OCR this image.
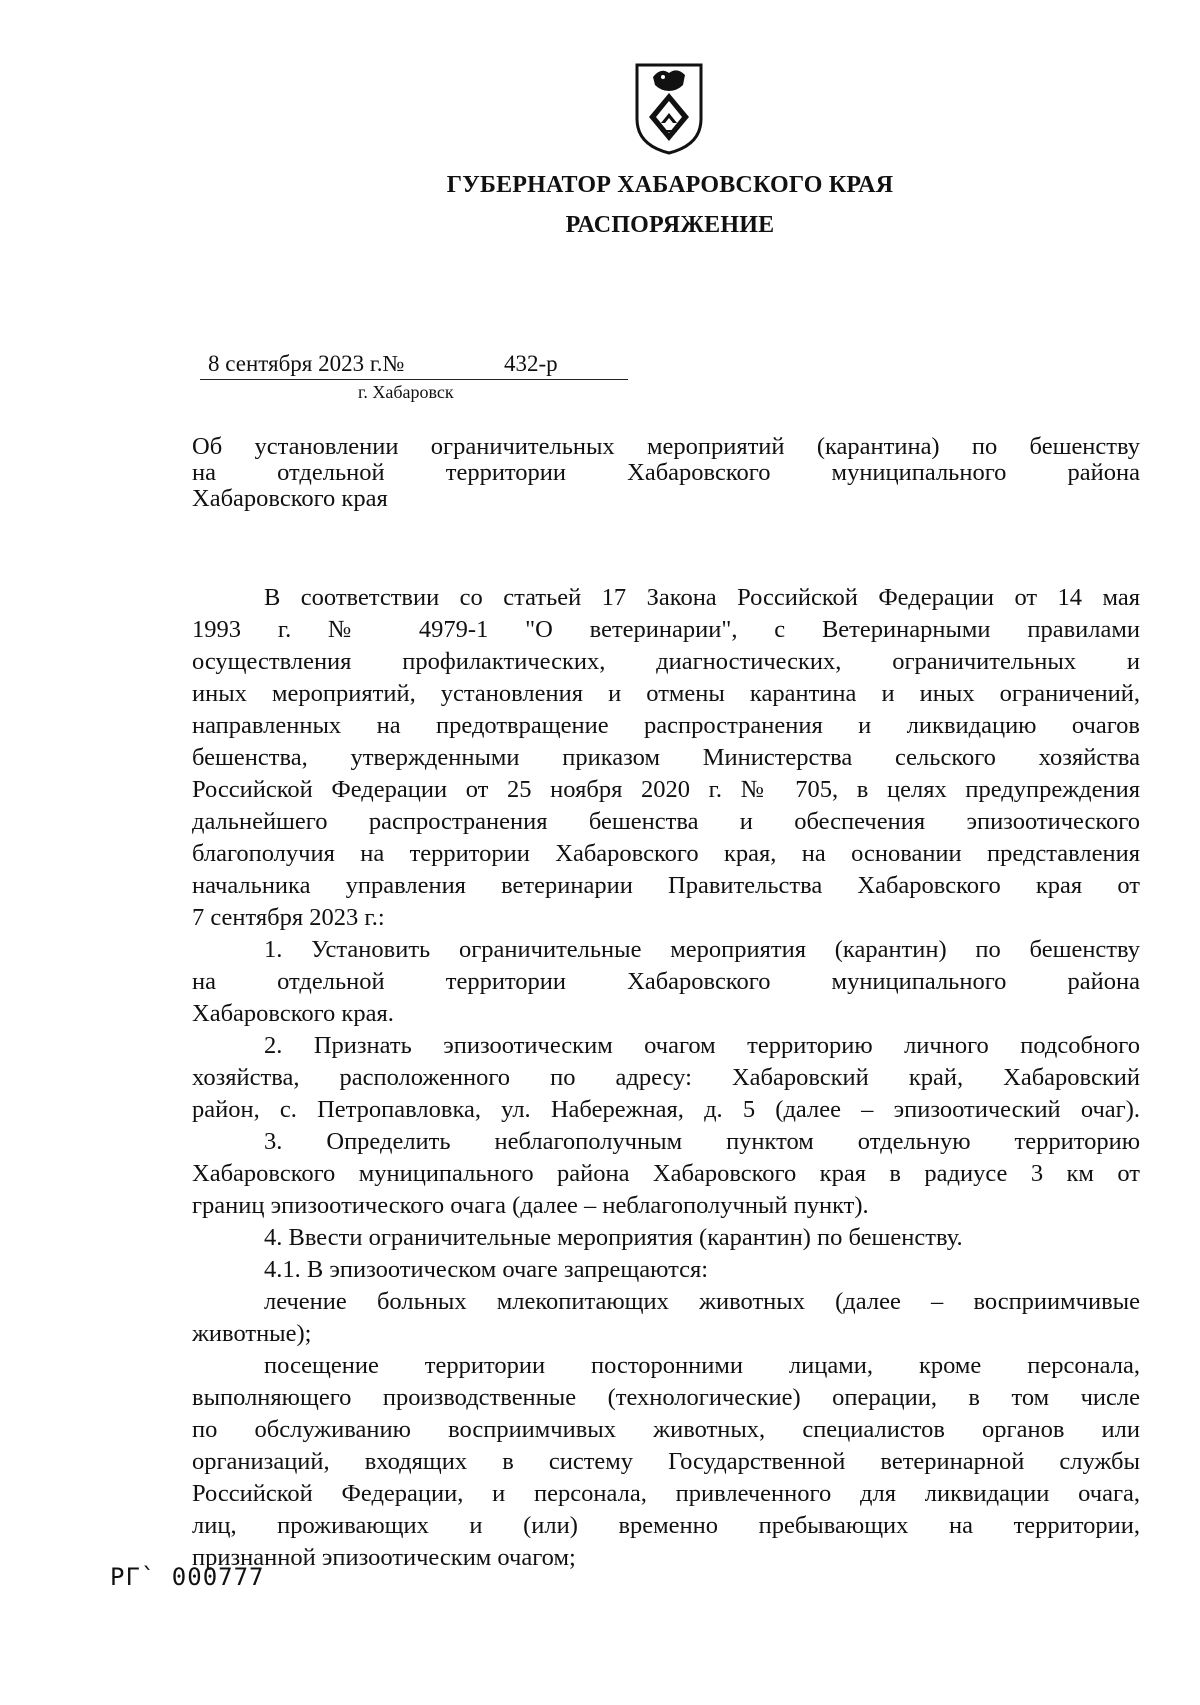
ГУБЕРНАТОР ХАБАРОВСКОГО КРАЯ
РАСПОРЯЖЕНИЕ
8 сентября 2023 г.№	432-р
г. Хабаровск
Об установлении ограничительных мероприятий (карантина) по бешенству
на отдельной территории Хабаровского муниципального района
Хабаровского края
В соответствии со статьей 17 Закона Российской Федерации от 14 мая
1993 г. № 4979-1 "О ветеринарии", с Ветеринарными правилами
осуществления профилактических, диагностических, ограничительных и
иных мероприятий, установления и отмены карантина и иных ограничений,
направленных на предотвращение распространения и ликвидацию очагов
бешенства, утвержденными приказом Министерства сельского хозяйства
Российской Федерации от 25 ноября 2020 г. № 705, в целях предупреждения
дальнейшего распространения бешенства и обеспечения эпизоотического
благополучия на территории Хабаровского края, на основании представления
начальника управления ветеринарии Правительства Хабаровского края от
7 сентября 2023 г.:
1. Установить ограничительные мероприятия (карантин) по бешенству
на отдельной территории Хабаровского муниципального района
Хабаровского края.
2. Признать эпизоотическим очагом территорию личного подсобного
хозяйства, расположенного по адресу: Хабаровский край, Хабаровский
район, с. Петропавловка, ул. Набережная, д. 5 (далее – эпизоотический очаг).
3. Определить неблагополучным пунктом отдельную территорию
Хабаровского муниципального района Хабаровского края в радиусе 3 км от
границ эпизоотического очага (далее – неблагополучный пункт).
4. Ввести ограничительные мероприятия (карантин) по бешенству.
4.1. В эпизоотическом очаге запрещаются:
лечение больных млекопитающих животных (далее – восприимчивые
животные);
посещение территории посторонними лицами, кроме персонала,
выполняющего производственные (технологические) операции, в том числе
по обслуживанию восприимчивых животных, специалистов органов или
организаций, входящих в систему Государственной ветеринарной службы
Российской Федерации, и персонала, привлеченного для ликвидации очага,
лиц, проживающих и (или) временно пребывающих на территории,
признанной эпизоотическим очагом;
РГ` 000777
